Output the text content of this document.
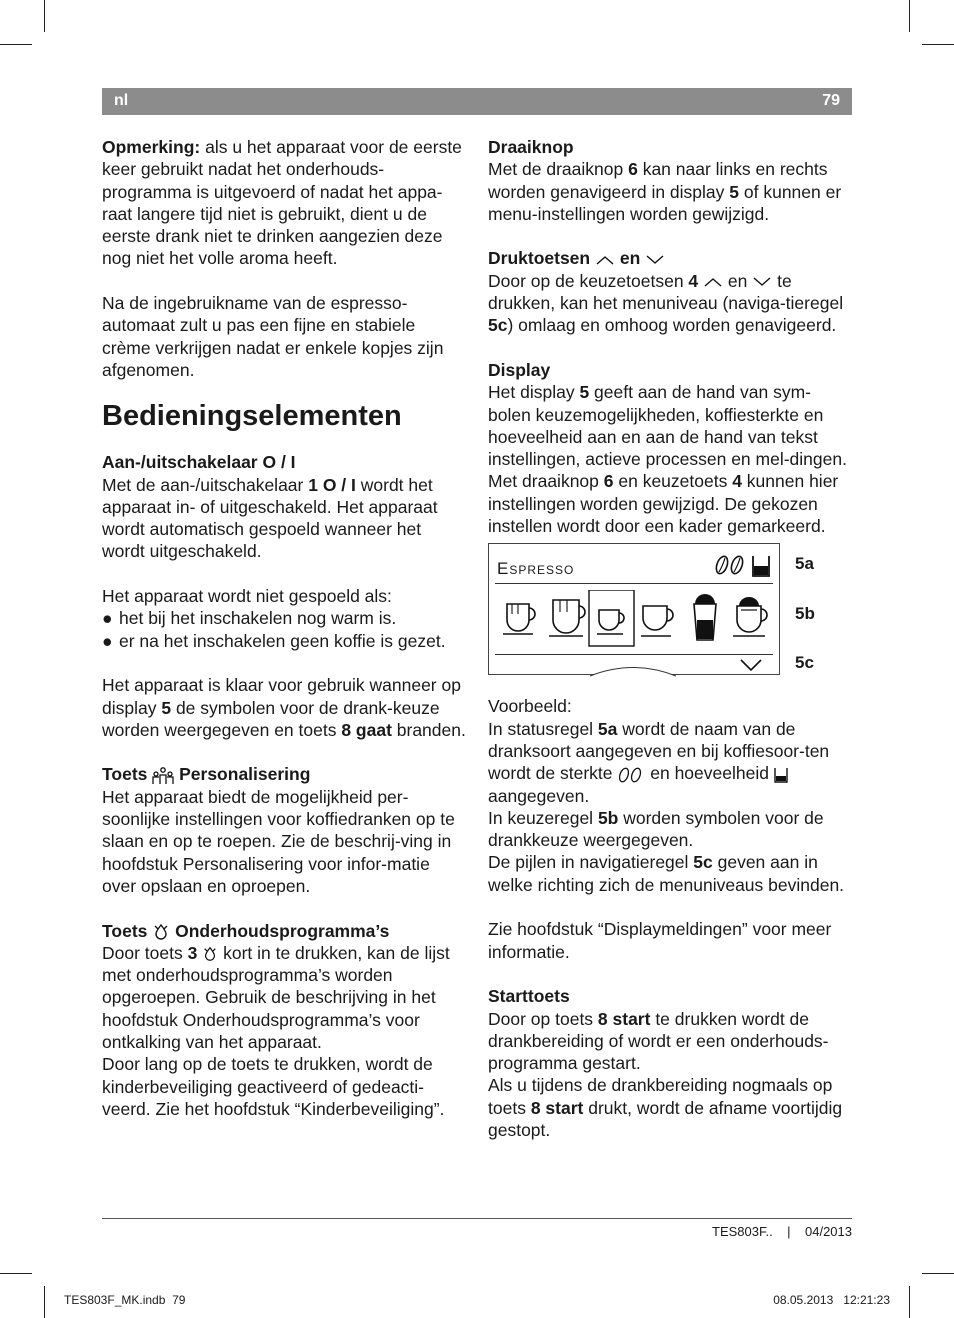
nl	79

Opmerking: als u het apparaat voor de eerste keer gebruikt nadat het onderhouds-programma is uitgevoerd of nadat het appa-raat langere tijd niet is gebruikt, dient u de eerste drank niet te drinken aangezien deze nog niet het volle aroma heeft.

Na de ingebruikname van de espresso-automaat zult u pas een fijne en stabiele crème verkrijgen nadat er enkele kopjes zijn afgenomen.

Bedieningselementen

Aan-/uitschakelaar O / I

Met de aan-/uitschakelaar 1 O / I wordt het apparaat in- of uitgeschakeld. Het apparaat wordt automatisch gespoeld wanneer het wordt uitgeschakeld.

Het apparaat wordt niet gespoeld als:

● het bij het inschakelen nog warm is.
● er na het inschakelen geen koffie is gezet.

Het apparaat is klaar voor gebruik wanneer op display 5 de symbolen voor de drank-keuze worden weergegeven en toets 8 gaat branden.

Toets  Personalisering

Het apparaat biedt de mogelijkheid per-soonlijke instellingen voor koffiedranken op te slaan en op te roepen. Zie de beschrij-ving in hoofdstuk Personalisering voor infor-matie over opslaan en oproepen.

Toets  Onderhoudsprogramma’s

Door toets 3  kort in te drukken, kan de lijst met onderhoudsprogramma’s worden opgeroepen. Gebruik de beschrijving in het hoofdstuk Onderhoudsprogramma’s voor ontkalking van het apparaat.

Door lang op de toets te drukken, wordt de kinderbeveiliging geactiveerd of gedeacti-veerd. Zie het hoofdstuk “Kinderbeveiliging”.

Draaiknop

Met de draaiknop 6 kan naar links en rechts worden genavigeerd in display 5 of kunnen er menu-instellingen worden gewijzigd.

Druktoetsen  en

Door op de keuzetoetsen 4  en  te drukken, kan het menuniveau (naviga-tieregel 5c) omlaag en omhoog worden genavigeerd.

Display

Het display 5 geeft aan de hand van sym-bolen keuzemogelijkheden, koffiesterkte en hoeveelheid aan en aan de hand van tekst instellingen, actieve processen en mel-dingen. Met draaiknop 6 en keuzetoets 4 kunnen hier instellingen worden gewijzigd. De gekozen instellen wordt door een kader gemarkeerd.

Espresso	5a
5b
5c

Voorbeeld:

In statusregel 5a wordt de naam van de dranksoort aangegeven en bij koffiesoor-ten wordt de sterkte  en hoeveelheid  aangegeven.

In keuzeregel 5b worden symbolen voor de drankkeuze weergegeven.

De pijlen in navigatieregel 5c geven aan in welke richting zich de menuniveaus bevinden.

Zie hoofdstuk “Displaymeldingen” voor meer informatie.

Starttoets

Door op toets 8 start te drukken wordt de drankbereiding of wordt er een onderhouds-programma gestart.

Als u tijdens de drankbereiding nogmaals op toets 8 start drukt, wordt de afname voortijdig gestopt.

TES803F.. | 04/2013
TES803F_MK.indb 79	08.05.2013 12:21:23
